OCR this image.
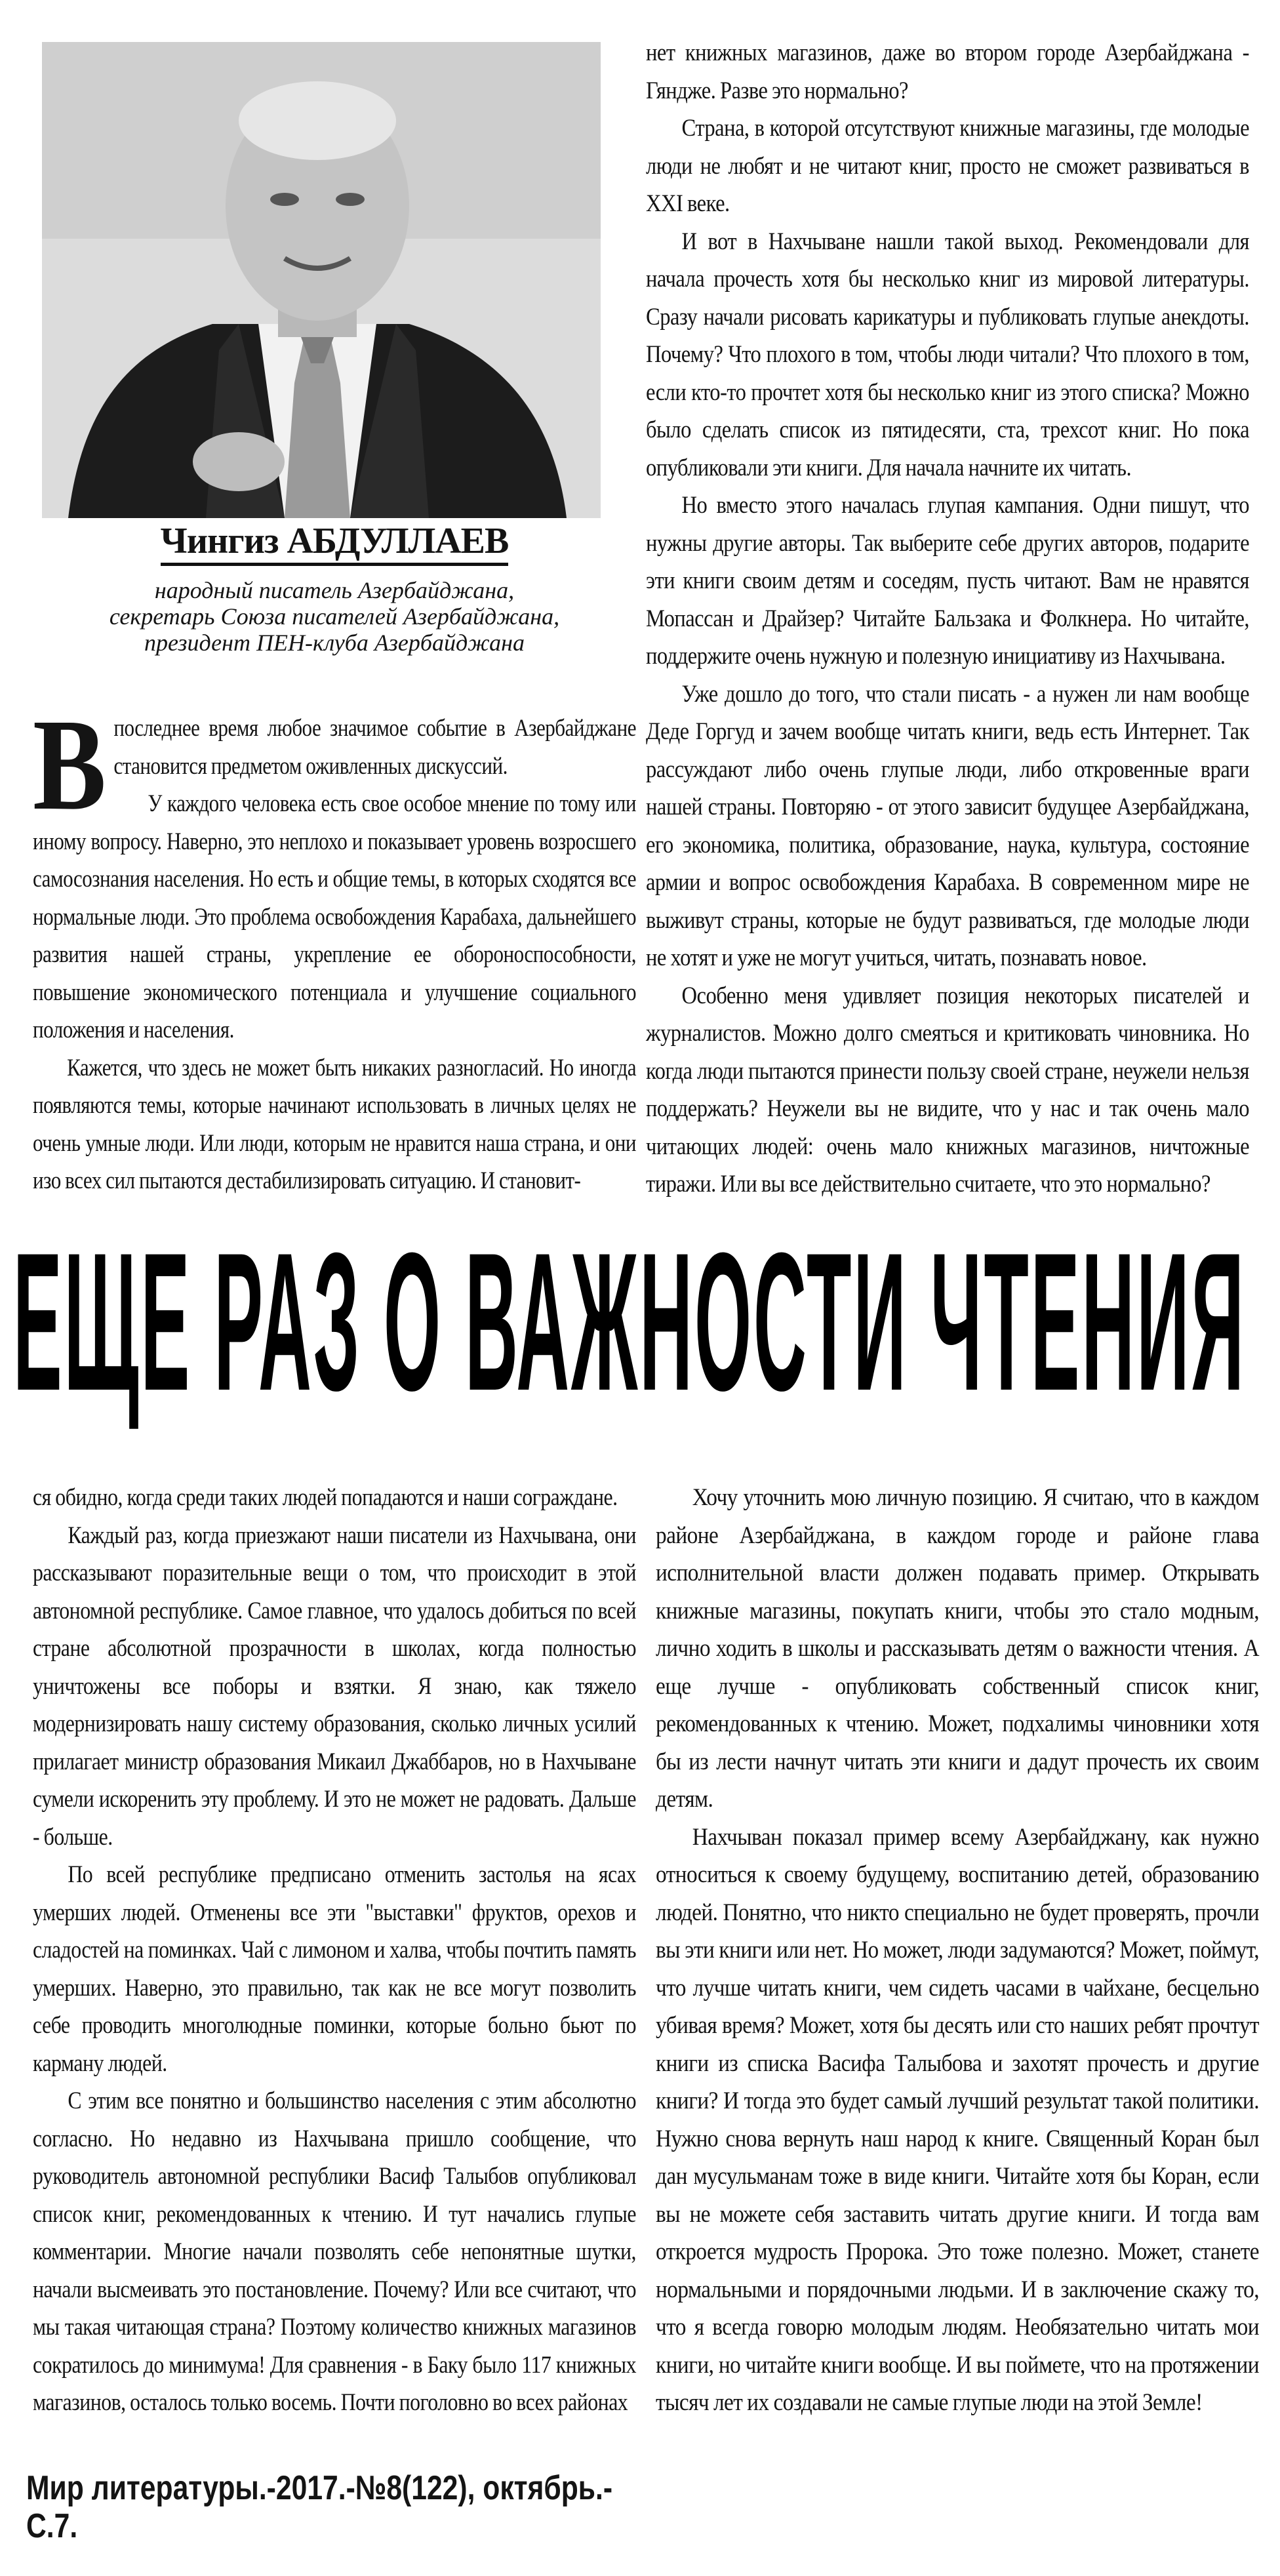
Чингиз АБДУЛЛАЕВ
народный писатель Азербайджана,
секретарь Союза писателей Азербайджана,
президент ПЕН-клуба Азербайджана

В последнее время любое значимое событие в Азербайджане становится предметом оживленных дискуссий.

У каждого человека есть свое особое мнение по тому или иному вопросу. Наверно, это неплохо и показывает уровень возросшего самосознания населения. Но есть и общие темы, в которых сходятся все нормальные люди. Это проблема освобождения Карабаха, дальнейшего развития нашей страны, укрепление ее обороноспособности, повышение экономического потенциала и улучшение социального положения и населения.

Кажется, что здесь не может быть никаких разногласий. Но иногда появляются темы, которые начинают использовать в личных целях не очень умные люди. Или люди, которым не нравится наша страна, и они изо всех сил пытаются дестабилизировать ситуацию. И становит-

нет книжных магазинов, даже во втором городе Азербайджана - Гяндже. Разве это нормально?

Страна, в которой отсутствуют книжные магазины, где молодые люди не любят и не читают книг, просто не сможет развиваться в XXI веке.

И вот в Нахчыване нашли такой выход. Рекомендовали для начала прочесть хотя бы несколько книг из мировой литературы. Сразу начали рисовать карикатуры и публиковать глупые анекдоты. Почему? Что плохого в том, чтобы люди читали? Что плохого в том, если кто-то прочтет хотя бы несколько книг из этого списка? Можно было сделать список из пятидесяти, ста, трехсот книг. Но пока опубликовали эти книги. Для начала начните их читать.

Но вместо этого началась глупая кампания. Одни пишут, что нужны другие авторы. Так выберите себе других авторов, подарите эти книги своим детям и соседям, пусть читают. Вам не нравятся Мопассан и Драйзер? Читайте Бальзака и Фолкнера. Но читайте, поддержите очень нужную и полезную инициативу из Нахчывана.

Уже дошло до того, что стали писать - а нужен ли нам вообще Деде Горгуд и зачем вообще читать книги, ведь есть Интернет. Так рассуждают либо очень глупые люди, либо откровенные враги нашей страны. Повторяю - от этого зависит будущее Азербайджана, его экономика, политика, образование, наука, культура, состояние армии и вопрос освобождения Карабаха. В современном мире не выживут страны, которые не будут развиваться, где молодые люди не хотят и уже не могут учиться, читать, познавать новое.

Особенно меня удивляет позиция некоторых писателей и журналистов. Можно долго смеяться и критиковать чиновника. Но когда люди пытаются принести пользу своей стране, неужели нельзя поддержать? Неужели вы не видите, что у нас и так очень мало читающих людей: очень мало книжных магазинов, ничтожные тиражи. Или вы все действительно считаете, что это нормально?

ЕЩЕ РАЗ О ВАЖНОСТИ ЧТЕНИЯ

ся обидно, когда среди таких людей попадаются и наши сограждане.

Каждый раз, когда приезжают наши писатели из Нахчывана, они рассказывают поразительные вещи о том, что происходит в этой автономной республике. Самое главное, что удалось добиться по всей стране абсолютной прозрачности в школах, когда полностью уничтожены все поборы и взятки. Я знаю, как тяжело модернизировать нашу систему образования, сколько личных усилий прилагает министр образования Микаил Джаббаров, но в Нахчыване сумели искоренить эту проблему. И это не может не радовать. Дальше - больше.

По всей республике предписано отменить застолья на ясах умерших людей. Отменены все эти "выставки" фруктов, орехов и сладостей на поминках. Чай с лимоном и халва, чтобы почтить память умерших. Наверно, это правильно, так как не все могут позволить себе проводить многолюдные поминки, которые больно бьют по карману людей.

С этим все понятно и большинство населения с этим абсолютно согласно. Но недавно из Нахчывана пришло сообщение, что руководитель автономной республики Васиф Талыбов опубликовал список книг, рекомендованных к чтению. И тут начались глупые комментарии. Многие начали позволять себе непонятные шутки, начали высмеивать это постановление. Почему? Или все считают, что мы такая читающая страна? Поэтому количество книжных магазинов сократилось до минимума! Для сравнения - в Баку было 117 книжных магазинов, осталось только восемь. Почти поголовно во всех районах

Хочу уточнить мою личную позицию. Я считаю, что в каждом районе Азербайджана, в каждом городе и районе глава исполнительной власти должен подавать пример. Открывать книжные магазины, покупать книги, чтобы это стало модным, лично ходить в школы и рассказывать детям о важности чтения. А еще лучше - опубликовать собственный список книг, рекомендованных к чтению. Может, подхалимы чиновники хотя бы из лести начнут читать эти книги и дадут прочесть их своим детям.

Нахчыван показал пример всему Азербайджану, как нужно относиться к своему будущему, воспитанию детей, образованию людей. Понятно, что никто специально не будет проверять, прочли вы эти книги или нет. Но может, люди задумаются? Может, поймут, что лучше читать книги, чем сидеть часами в чайхане, бесцельно убивая время? Может, хотя бы десять или сто наших ребят прочтут книги из списка Васифа Талыбова и захотят прочесть и другие книги? И тогда это будет самый лучший результат такой политики. Нужно снова вернуть наш народ к книге. Священный Коран был дан мусульманам тоже в виде книги. Читайте хотя бы Коран, если вы не можете себя заставить читать другие книги. И тогда вам откроется мудрость Пророка. Это тоже полезно. Может, станете нормальными и порядочными людьми. И в заключение скажу то, что я всегда говорю молодым людям. Необязательно читать мои книги, но читайте книги вообще. И вы поймете, что на протяжении тысяч лет их создавали не самые глупые люди на этой Земле!

Мир литературы.-2017.-№8(122), октябрь.-
С.7.
